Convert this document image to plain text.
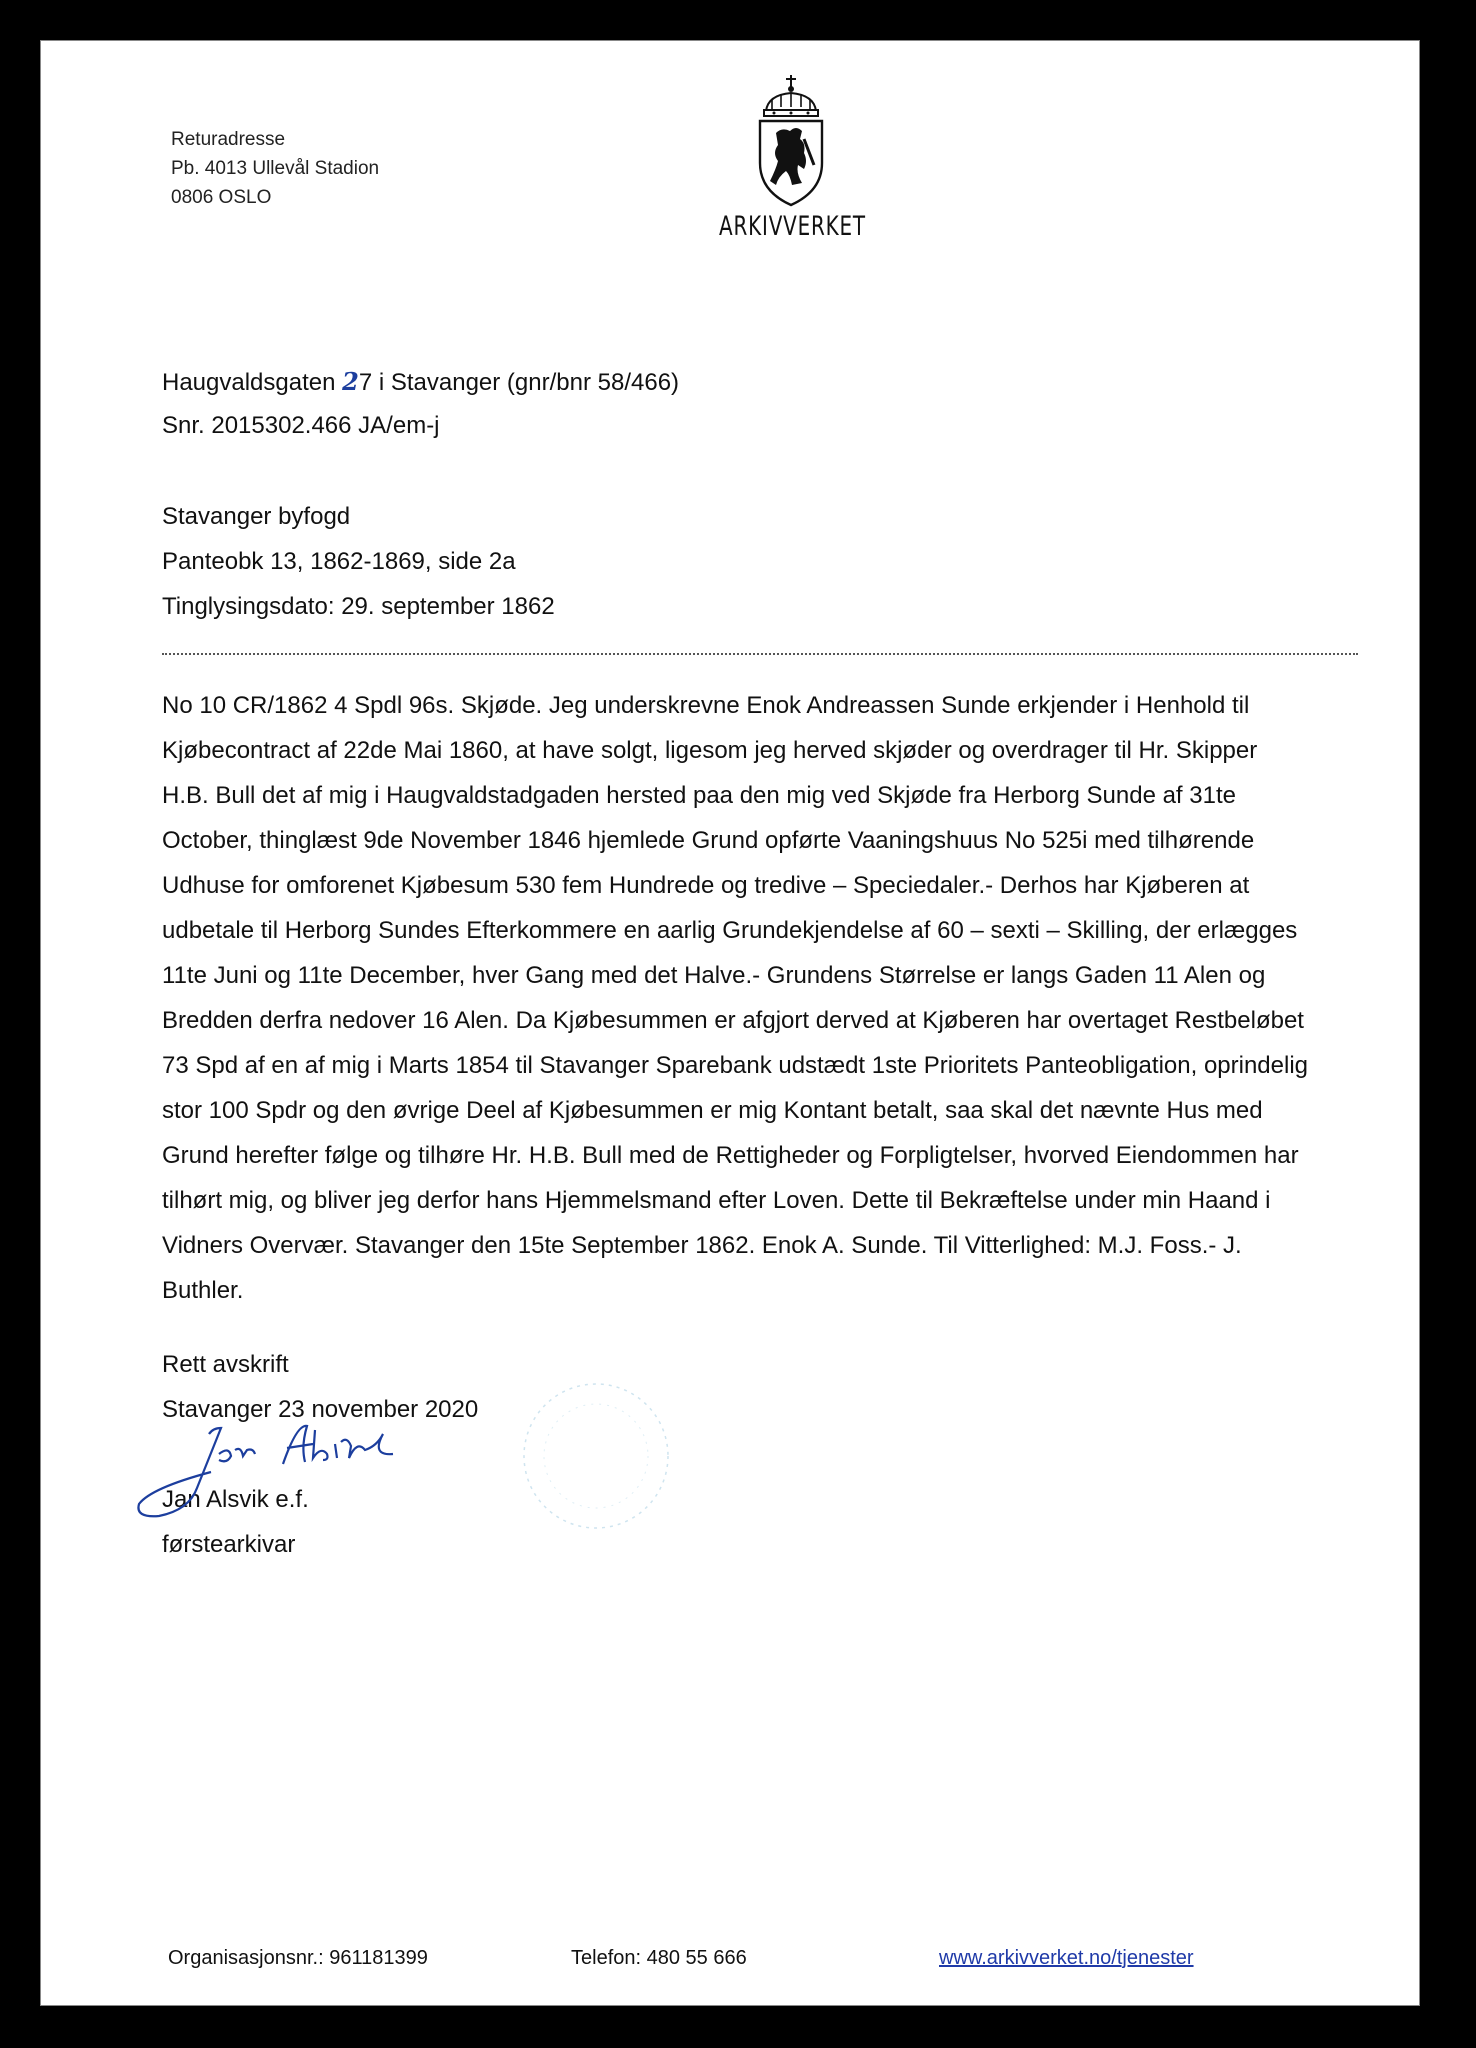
Returadresse
Pb. 4013 Ullevål Stadion
0806 OSLO
ARKIVVERKET
Haugvaldsgaten 27 i Stavanger (gnr/bnr 58/466)
Snr. 2015302.466 JA/em-j
Stavanger byfogd
Panteobk 13, 1862-1869, side 2a
Tinglysingsdato: 29. september 1862
No 10 CR/1862 4 Spdl 96s. Skjøde. Jeg underskrevne Enok Andreassen Sunde erkjender i Henhold til
Kjøbecontract af 22de Mai 1860, at have solgt, ligesom jeg herved skjøder og overdrager til Hr. Skipper
H.B. Bull det af mig i Haugvaldstadgaden hersted paa den mig ved Skjøde fra Herborg Sunde af 31te
October, thinglæst 9de November 1846 hjemlede Grund opførte Vaaningshuus No 525i med tilhørende
Udhuse for omforenet Kjøbesum 530 fem Hundrede og tredive – Speciedaler.- Derhos har Kjøberen at
udbetale til Herborg Sundes Efterkommere en aarlig Grundekjendelse af 60 – sexti – Skilling, der erlægges
11te Juni og 11te December, hver Gang med det Halve.- Grundens Størrelse er langs Gaden 11 Alen og
Bredden derfra nedover 16 Alen. Da Kjøbesummen er afgjort derved at Kjøberen har overtaget Restbeløbet
73 Spd af en af mig i Marts 1854 til Stavanger Sparebank udstædt 1ste Prioritets Panteobligation, oprindelig
stor 100 Spdr og den øvrige Deel af Kjøbesummen er mig Kontant betalt, saa skal det nævnte Hus med
Grund herefter følge og tilhøre Hr. H.B. Bull med de Rettigheder og Forpligtelser, hvorved Eiendommen har
tilhørt mig, og bliver jeg derfor hans Hjemmelsmand efter Loven. Dette til Bekræftelse under min Haand i
Vidners Overvær. Stavanger den 15te September 1862. Enok A. Sunde. Til Vitterlighed: M.J. Foss.- J.
Buthler.
Rett avskrift
Stavanger 23 november 2020
Jan Alsvik e.f.
førstearkivar
Organisasjonsnr.: 961181399	Telefon: 480 55 666	www.arkivverket.no/tjenester
